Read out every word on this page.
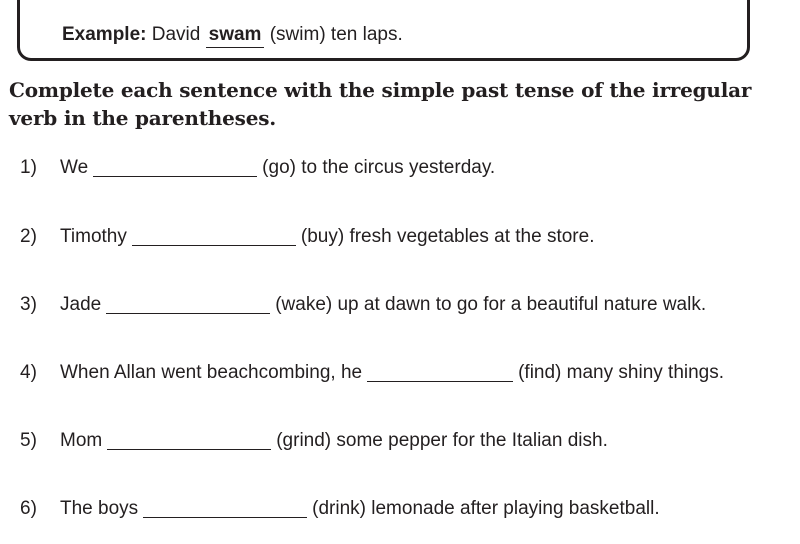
Example: David swam (swim) ten laps.
Complete each sentence with the simple past tense of the irregular verb in the parentheses.
1) We	(go) to the circus yesterday.
2) Timothy	(buy) fresh vegetables at the store.
3) Jade	(wake) up at dawn to go for a beautiful nature walk.
4) When Allan went beachcombing, he	(find) many shiny things.
5) Mom	(grind) some pepper for the Italian dish.
6) The boys	(drink) lemonade after playing basketball.
